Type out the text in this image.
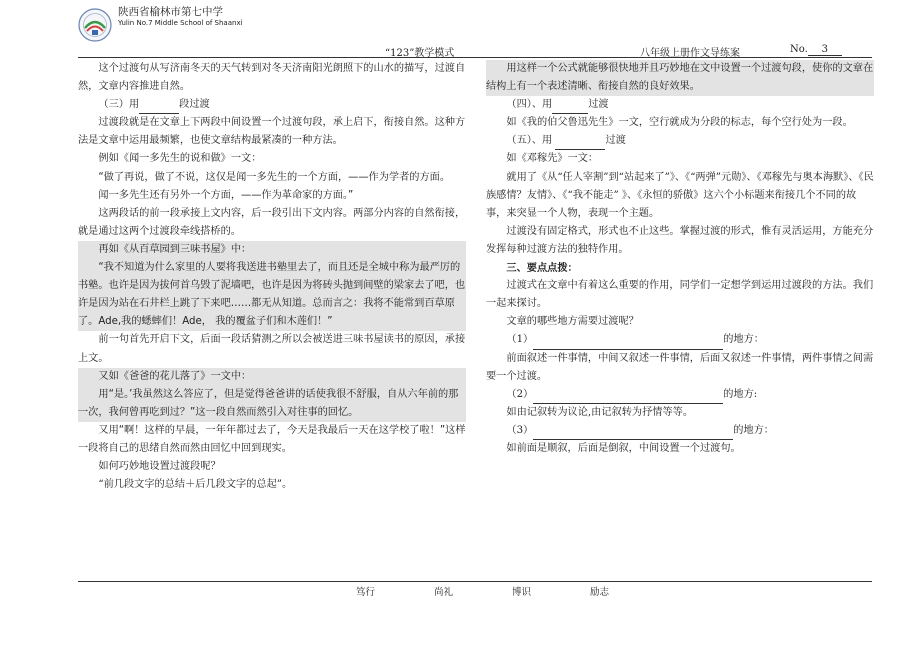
陕西省榆林市第七中学
Yulin No.7 Middle School of Shaanxi
“123”教学模式	八年级上册作文导练案	No. 3

这个过渡句从写济南冬天的天气转到对冬天济南阳光朗照下的山水的描写，过渡自然，文章内容推进自然。

（三）用	段过渡

过渡段就是在文章上下两段中间设置一个过渡句段，承上启下，衔接自然。这种方法是文章中运用最频繁，也使文章结构最紧凑的一种方法。

例如《闻一多先生的说和做》一文：

“做了再说，做了不说，这仅是闻一多先生的一个方面，——作为学者的方面。

闻一多先生还有另外一个方面，——作为革命家的方面。”

这两段话的前一段承接上文内容，后一段引出下文内容。两部分内容的自然衔接，就是通过这两个过渡段牵线搭桥的。

再如《从百草园到三味书屋》中：

“我不知道为什么家里的人要将我送进书塾里去了，而且还是全城中称为最严厉的书塾。也许是因为拔何首乌毁了泥墙吧，也许是因为将砖头抛到间壁的梁家去了吧，也许是因为站在石井栏上跳了下来吧……都无从知道。总而言之：我将不能常到百草原了。Ade,我的蟋蟀们！Ade， 我的覆盆子们和木莲们！”

前一句首先开启下文，后面一段话猜测之所以会被送进三味书屋读书的原因，承接上文。

又如《爸爸的花儿落了》一文中：

用“是。’我虽然这么答应了，但是觉得爸爸讲的话使我很不舒服，自从六年前的那一次，我何曾再吃到过？”这一段自然而然引入对往事的回忆。

又用“啊！这样的早晨，一年年都过去了，今天是我最后一天在这学校了啦！”这样一段将自己的思绪自然而然由回忆中回到现实。

如何巧妙地设置过渡段呢？

“前几段文字的总结＋后几段文字的总起”。

用这样一个公式就能够很快地并且巧妙地在文中设置一个过渡句段，使你的文章在结构上有一个表述清晰、衔接自然的良好效果。

（四）、用	过渡

如《我的伯父鲁迅先生》一文，空行就成为分段的标志，每个空行处为一段。

（五）、用	过渡

如《邓稼先》一文：

就用了《从“任人宰割”到“站起来了”》、《“两弹”元勋》、《邓稼先与奥本海默》、《民族感情？友情》、《“我不能走” 》、《永恒的骄傲》这六个小标题来衔接几个不同的故事，来突显一个人物，表现一个主题。

过渡没有固定格式，形式也不止这些。掌握过渡的形式，惟有灵活运用，方能充分发挥每种过渡方法的独特作用。

三、要点点拨：

过渡式在文章中有着这么重要的作用，同学们一定想学到运用过渡段的方法。我们一起来探讨。

文章的哪些地方需要过渡呢？

（1）	的地方：

前面叙述一件事情，中间又叙述一件事情，后面又叙述一件事情，两件事情之间需要一个过渡。

（2）	的地方:

如由记叙转为议论,由记叙转为抒情等等。

（3）	的地方：

如前面是顺叙，后面是倒叙，中间设置一个过渡句。

笃行	尚礼	博识	励志
